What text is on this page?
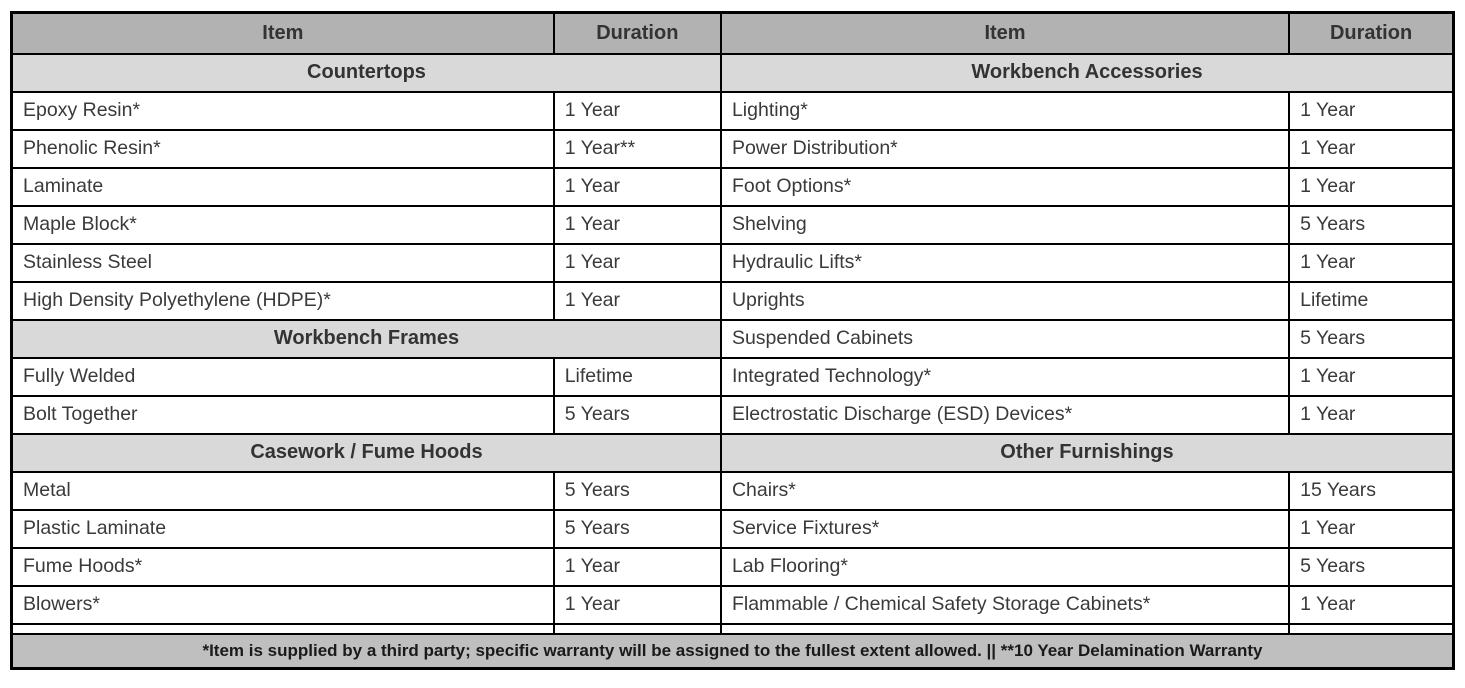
Item	Duration	Item	Duration
Countertops		Workbench Accessories	
Epoxy Resin*	1 Year	Lighting*	1 Year
Phenolic Resin*	1 Year**	Power Distribution*	1 Year
Laminate	1 Year	Foot Options*	1 Year
Maple Block*	1 Year	Shelving	5 Years
Stainless Steel	1 Year	Hydraulic Lifts*	1 Year
High Density Polyethylene (HDPE)*	1 Year	Uprights	Lifetime
Workbench Frames		Suspended Cabinets	5 Years
Fully Welded	Lifetime	Integrated Technology*	1 Year
Bolt Together	5 Years	Electrostatic Discharge (ESD) Devices*	1 Year
Casework / Fume Hoods		Other Furnishings	
Metal	5 Years	Chairs*	15 Years
Plastic Laminate	5 Years	Service Fixtures*	1 Year
Fume Hoods*	1 Year	Lab Flooring*	5 Years
Blowers*	1 Year	Flammable / Chemical Safety Storage Cabinets*	1 Year

*Item is supplied by a third party; specific warranty will be assigned to the fullest extent allowed. || **10 Year Delamination Warranty			
